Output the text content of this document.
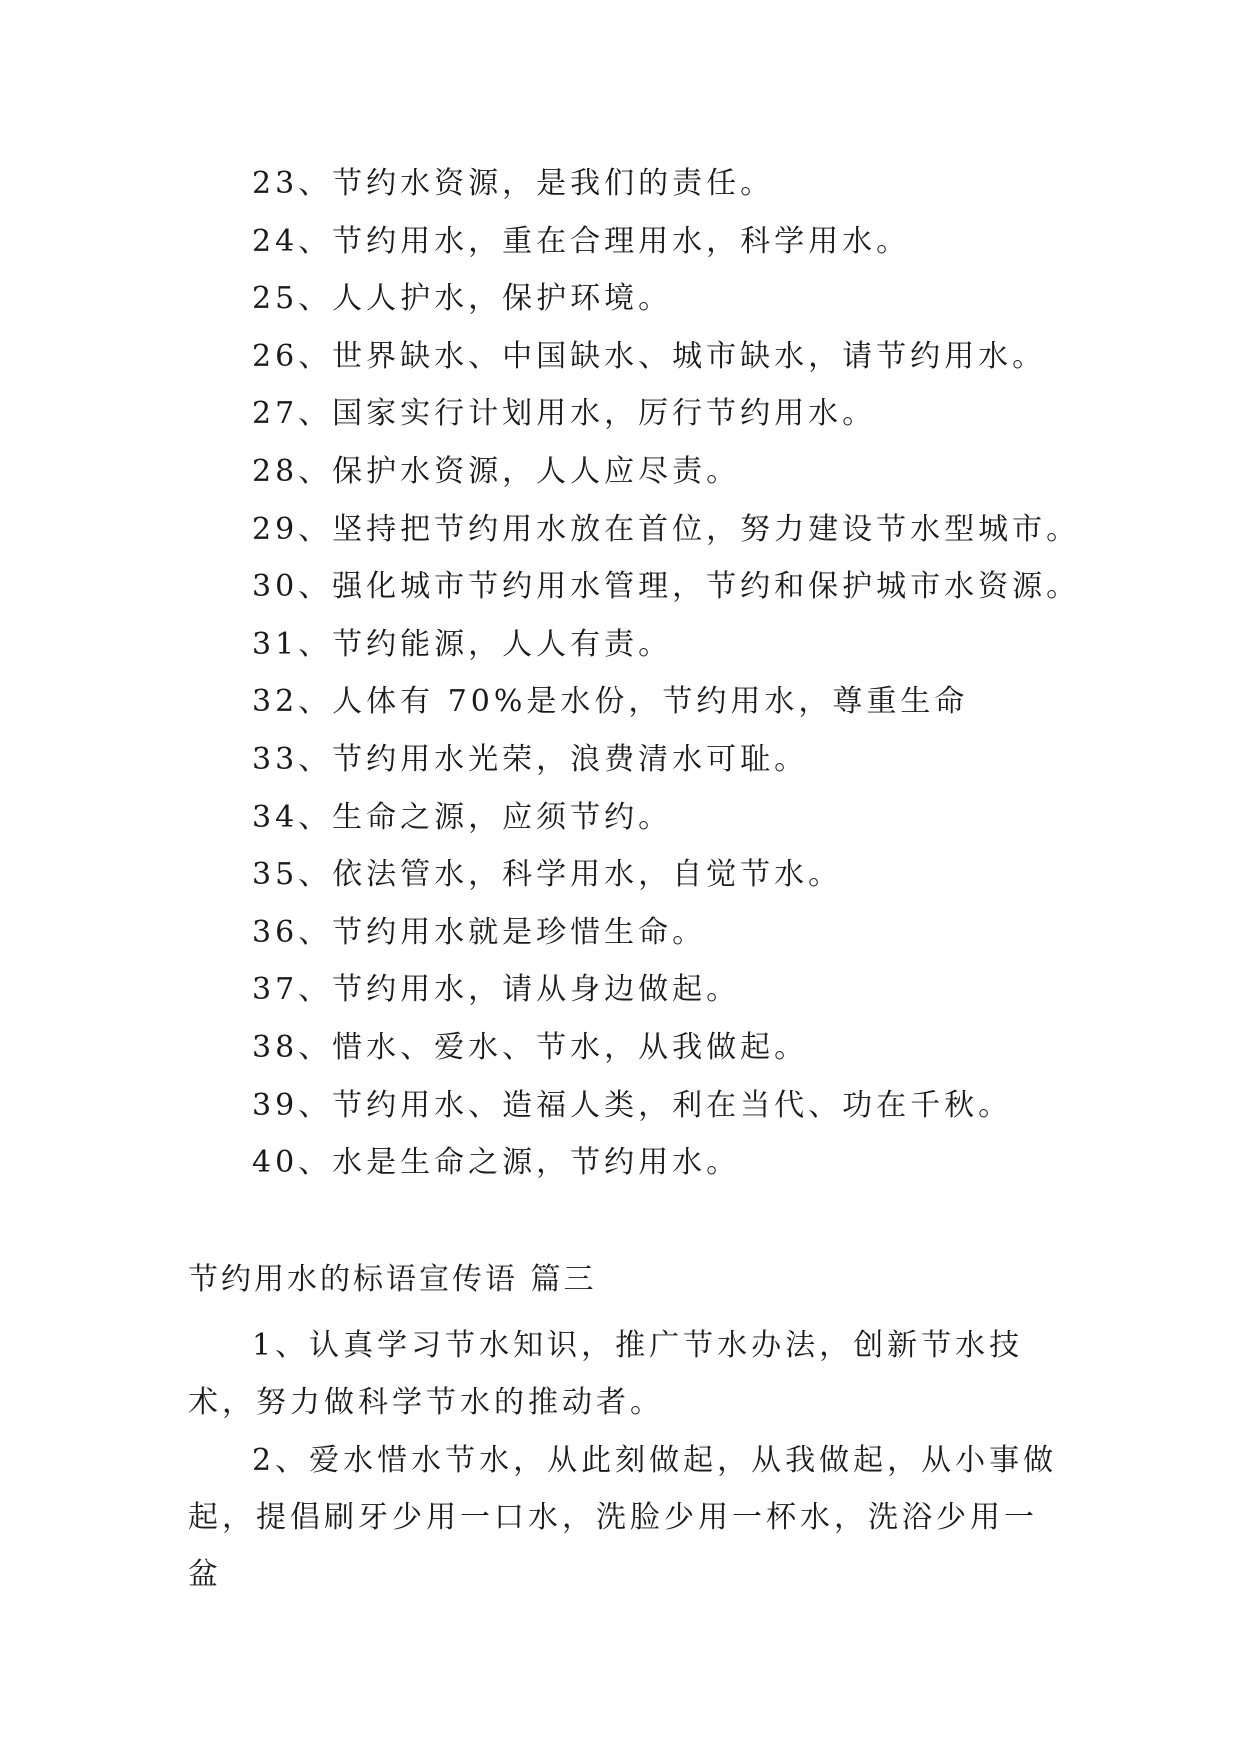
23、节约水资源，是我们的责任。
24、节约用水，重在合理用水，科学用水。
25、人人护水，保护环境。
26、世界缺水、中国缺水、城市缺水，请节约用水。
27、国家实行计划用水，厉行节约用水。
28、保护水资源，人人应尽责。
29、坚持把节约用水放在首位，努力建设节水型城市。
30、强化城市节约用水管理，节约和保护城市水资源。
31、节约能源，人人有责。
32、人体有 70%是水份，节约用水，尊重生命
33、节约用水光荣，浪费清水可耻。
34、生命之源，应须节约。
35、依法管水，科学用水，自觉节水。
36、节约用水就是珍惜生命。
37、节约用水，请从身边做起。
38、惜水、爱水、节水，从我做起。
39、节约用水、造福人类，利在当代、功在千秋。
40、水是生命之源，节约用水。
节约用水的标语宣传语 篇三

1、认真学习节水知识，推广节水办法，创新节水技术，努力做科学节水的推动者。

2、爱水惜水节水，从此刻做起，从我做起，从小事做起，提倡刷牙少用一口水，洗脸少用一杯水，洗浴少用一盆
